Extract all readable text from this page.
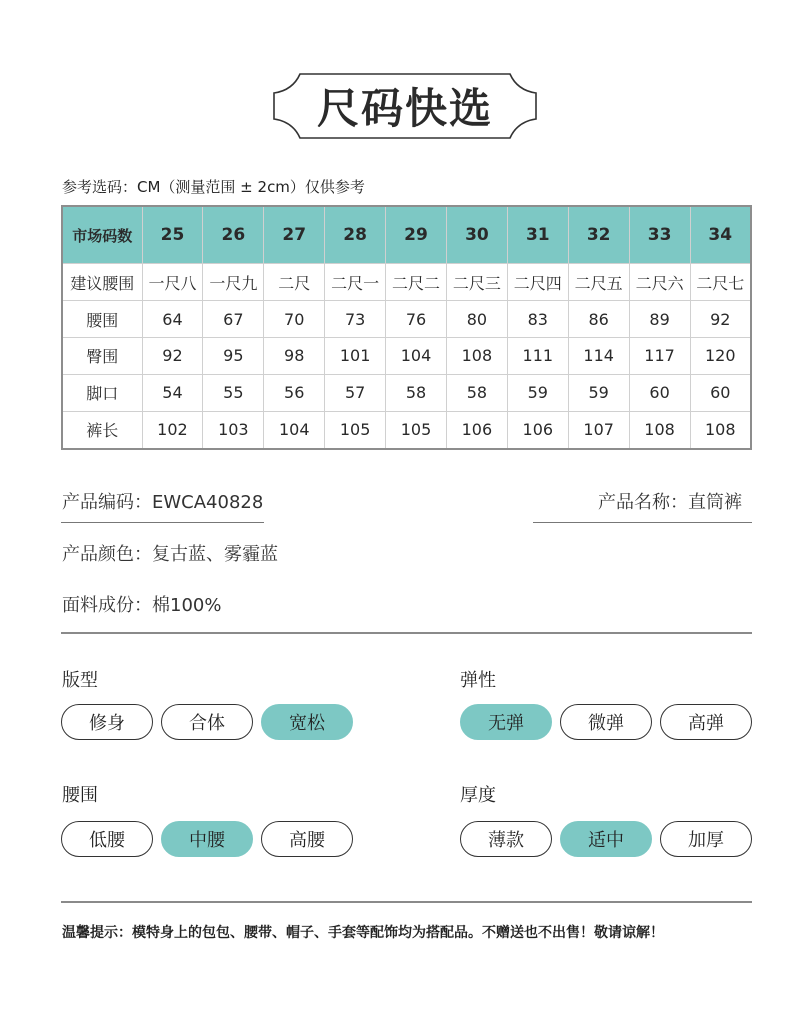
尺码快选
参考选码：CM（测量范围 ± 2cm）仅供参考
市场码数	25	26	27	28	29	30	31	32	33	34
建议腰围	一尺八	一尺九	二尺	二尺一	二尺二	二尺三	二尺四	二尺五	二尺六	二尺七
腰围	64	67	70	73	76	80	83	86	89	92
臀围	92	95	98	101	104	108	111	114	117	120
脚口	54	55	56	57	58	58	59	59	60	60
裤长	102	103	104	105	105	106	106	107	108	108
产品编码：EWCA40828	产品名称：直筒裤
产品颜色：复古蓝、雾霾蓝
面料成份：棉100%
版型	弹性
腰围	厚度
修身	合体	宽松	无弹	微弹	高弹
低腰	中腰	高腰	薄款	适中	加厚
温馨提示：模特身上的包包、腰带、帽子、手套等配饰均为搭配品。不赠送也不出售！敬请谅解！
